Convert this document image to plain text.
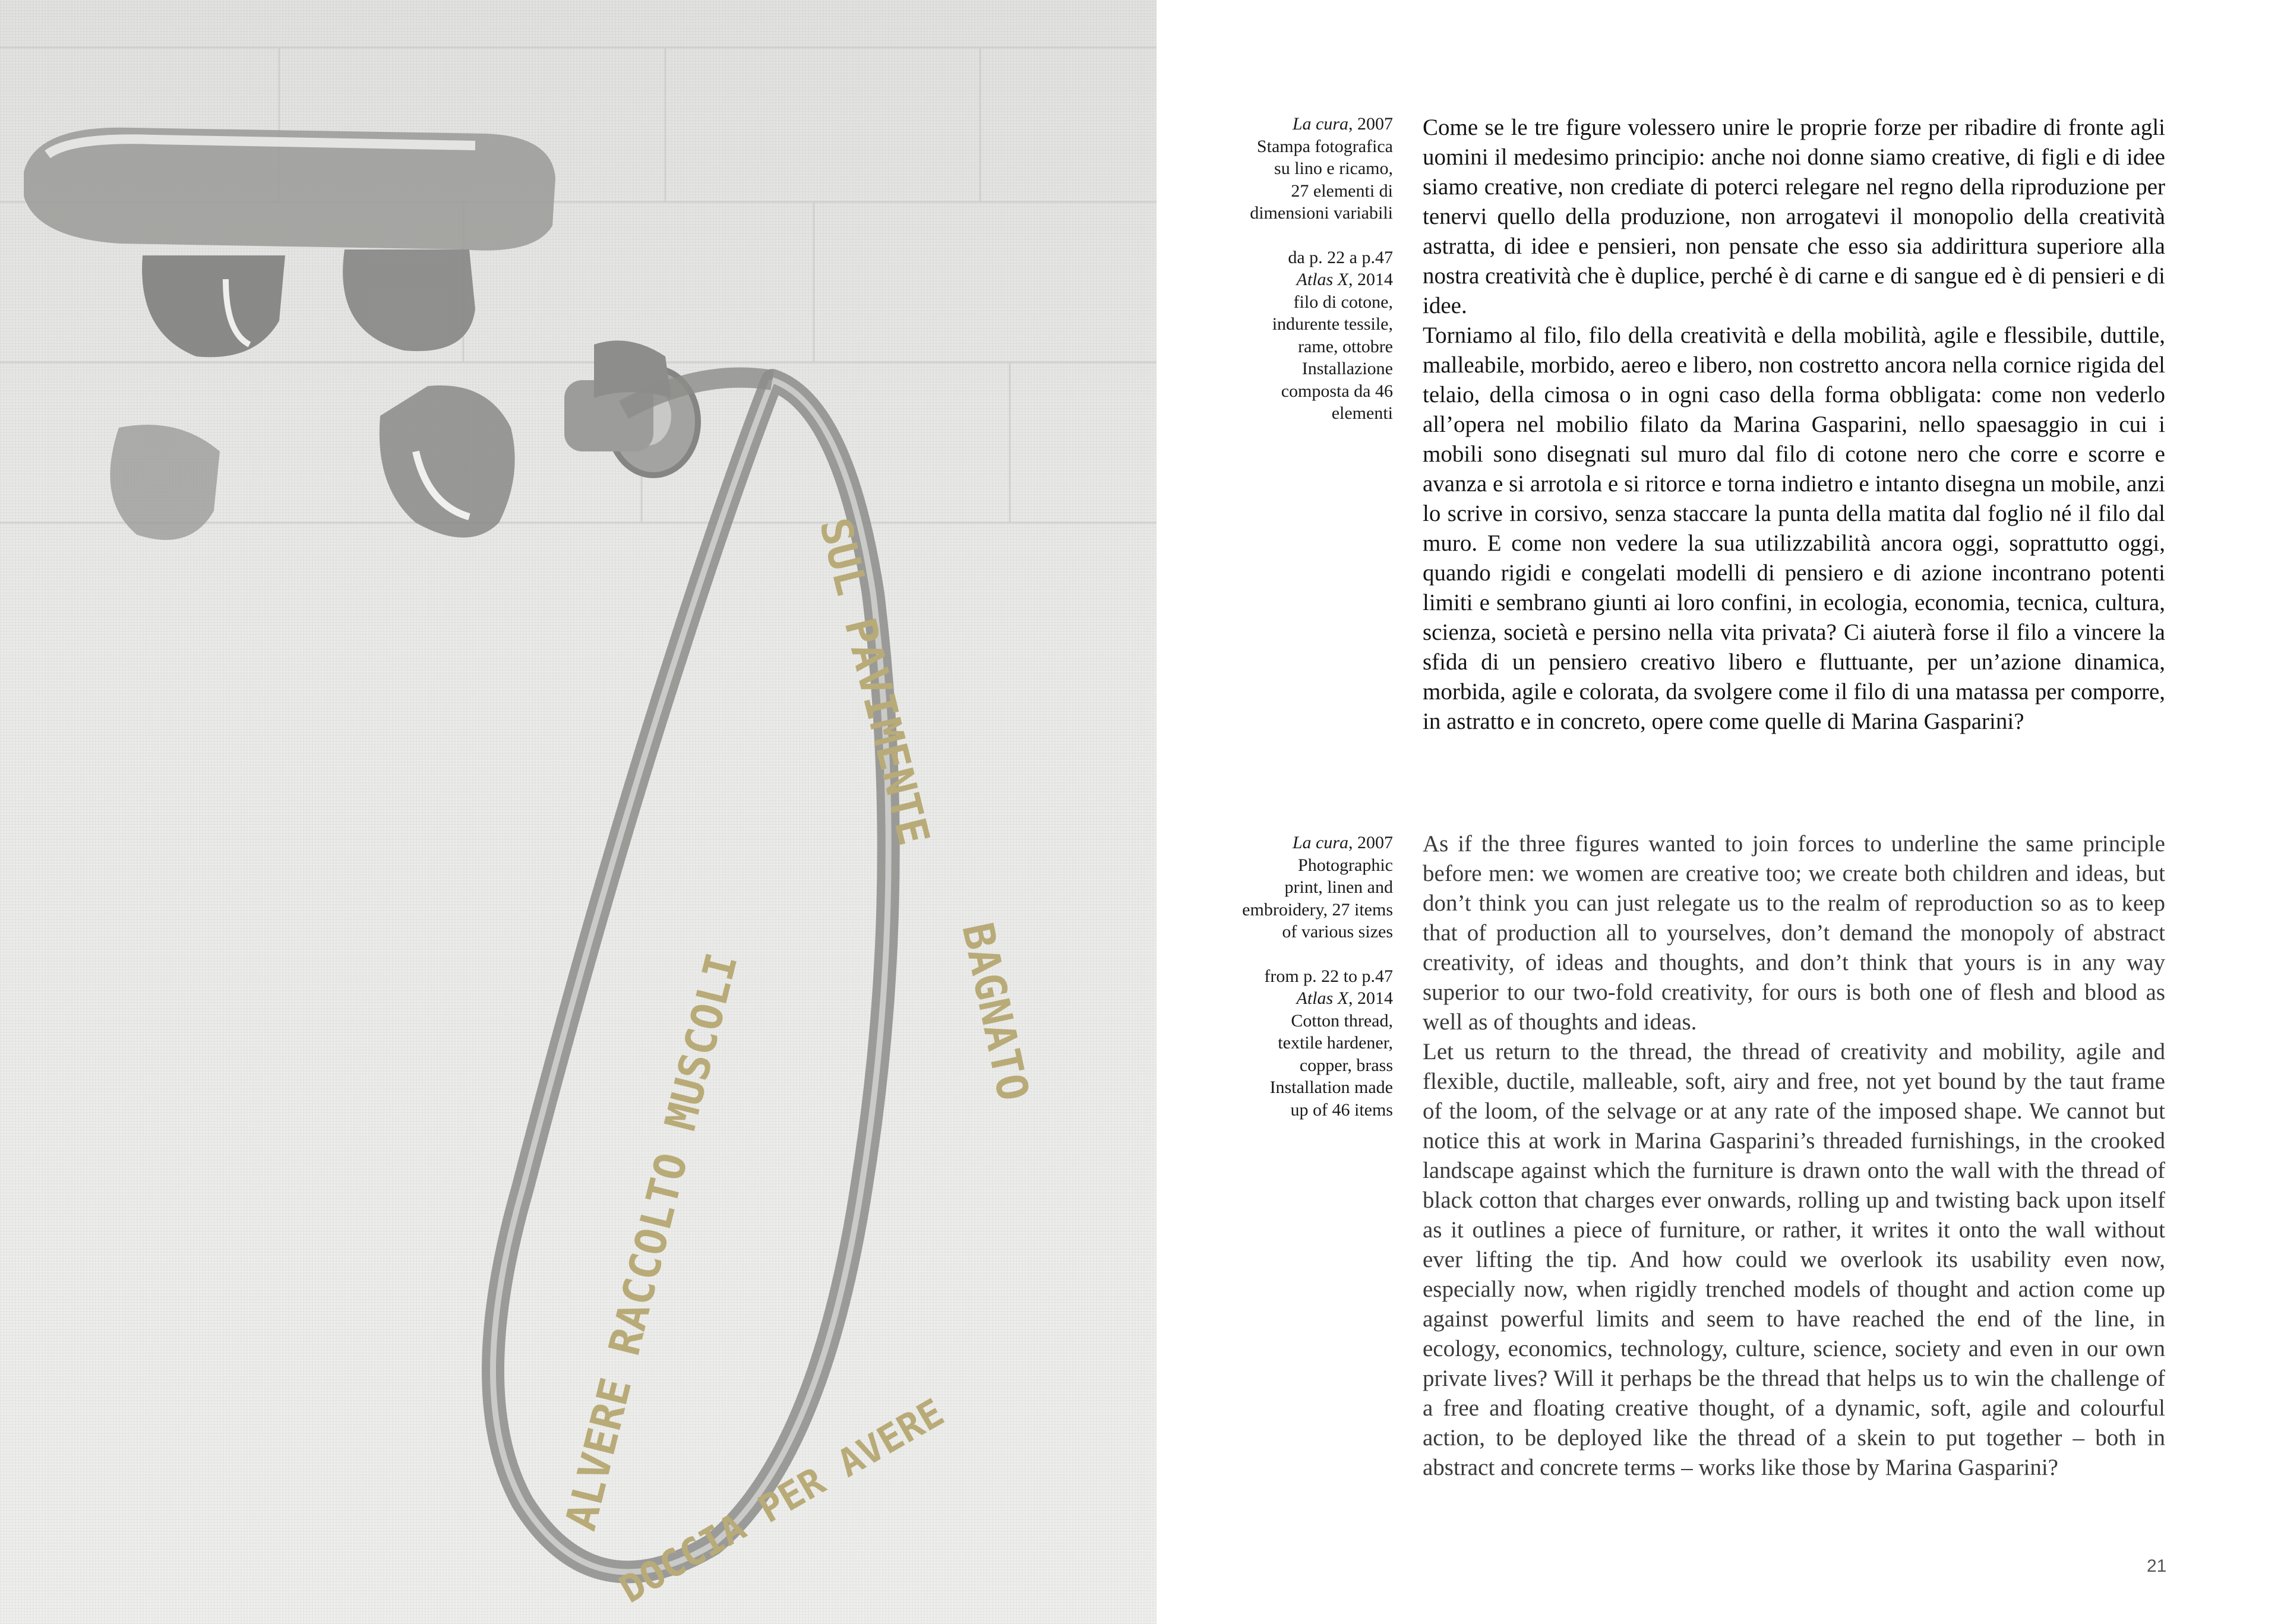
ALVERE RACCOLTO MUSCOLI
SUL PAVIMENTE
BAGNATO
DOCCIA PER AVERE

La cura, 2007

Stampa fotografica

su lino e ricamo,

27 elementi di

dimensioni variabili

da p. 22 a p.47

Atlas X, 2014

filo di cotone,

indurente tessile,

rame, ottobre

Installazione

composta da 46

elementi

Come se le tre figure volessero unire le proprie forze per ribadire di fronte agli uomini il medesimo principio: anche noi donne siamo creative, di figli e di idee siamo creative, non crediate di poterci relegare nel regno della riproduzione per tenervi quello della produzione, non arrogatevi il monopolio della creatività astratta, di idee e pensieri, non pensate che esso sia addirittura superiore alla nostra creatività che è duplice, perché è di carne e di sangue ed è di pensieri e di idee.

Torniamo al filo, filo della creatività e della mobilità, agile e flessibile, duttile, malleabile, morbido, aereo e libero, non costretto ancora nella cornice rigida del telaio, della cimosa o in ogni caso della forma obbligata: come non vederlo all’opera nel mobilio filato da Marina Gasparini, nello spaesaggio in cui i mobili sono disegnati sul muro dal filo di cotone nero che corre e scorre e avanza e si arrotola e si ritorce e torna indietro e intanto disegna un mobile, anzi lo scrive in corsivo, senza staccare la punta della matita dal foglio né il filo dal muro. E come non vedere la sua utilizzabilità ancora oggi, soprattutto oggi, quando rigidi e congelati modelli di pensiero e di azione incontrano potenti limiti e sembrano giunti ai loro confini, in ecologia, economia, tecnica, cultura, scienza, società e persino nella vita privata? Ci aiuterà forse il filo a vincere la sfida di un pensiero creativo libero e fluttuante, per un’azione dinamica, morbida, agile e colorata, da svolgere come il filo di una matassa per comporre, in astratto e in concreto, opere come quelle di Marina Gasparini?

La cura, 2007

Photographic

print, linen and

embroidery, 27 items

of various sizes

from p. 22 to p.47

Atlas X, 2014

Cotton thread,

textile hardener,

copper, brass

Installation made

up of 46 items

As if the three figures wanted to join forces to underline the same principle before men: we women are creative too; we create both children and ideas, but don’t think you can just relegate us to the realm of reproduction so as to keep that of production all to yourselves, don’t demand the monopoly of abstract creativity, of ideas and thoughts, and don’t think that yours is in any way superior to our two-fold creativity, for ours is both one of flesh and blood as well as of thoughts and ideas.

Let us return to the thread, the thread of creativity and mobility, agile and flexible, ductile, malleable, soft, airy and free, not yet bound by the taut frame of the loom, of the selvage or at any rate of the imposed shape. We cannot but notice this at work in Marina Gasparini’s threaded furnishings, in the crooked landscape against which the furniture is drawn onto the wall with the thread of black cotton that charges ever onwards, rolling up and twisting back upon itself as it outlines a piece of furniture, or rather, it writes it onto the wall without ever lifting the tip. And how could we overlook its usability even now, especially now, when rigidly trenched models of thought and action come up against powerful limits and seem to have reached the end of the line, in ecology, economics, technology, culture, science, society and even in our own private lives? Will it perhaps be the thread that helps us to win the challenge of a free and floating creative thought, of a dynamic, soft, agile and colourful action, to be deployed like the thread of a skein to put together – both in abstract and concrete terms – works like those by Marina Gasparini?

21
